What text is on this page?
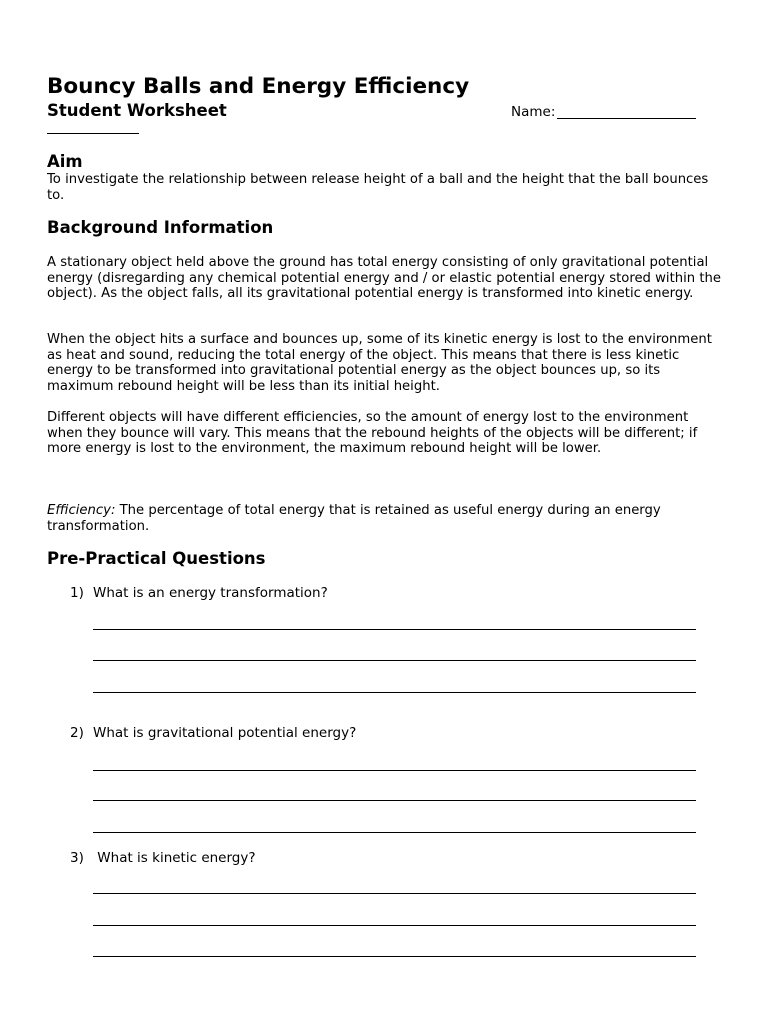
Bouncy Balls and Energy Efficiency
Student Worksheet	Name:
Aim
To investigate the relationship between release height of a ball and the height that the ball bounces to.
Background Information
A stationary object held above the ground has total energy consisting of only gravitational potential energy (disregarding any chemical potential energy and / or elastic potential energy stored within the object). As the object falls, all its gravitational potential energy is transformed into kinetic energy.
When the object hits a surface and bounces up, some of its kinetic energy is lost to the environment as heat and sound, reducing the total energy of the object. This means that there is less kinetic energy to be transformed into gravitational potential energy as the object bounces up, so its maximum rebound height will be less than its initial height.
Different objects will have different efficiencies, so the amount of energy lost to the environment when they bounce will vary. This means that the rebound heights of the objects will be different; if more energy is lost to the environment, the maximum rebound height will be lower.
Efficiency: The percentage of total energy that is retained as useful energy during an energy transformation.
Pre-Practical Questions
1) What is an energy transformation?
2) What is gravitational potential energy?
3) What is kinetic energy?
